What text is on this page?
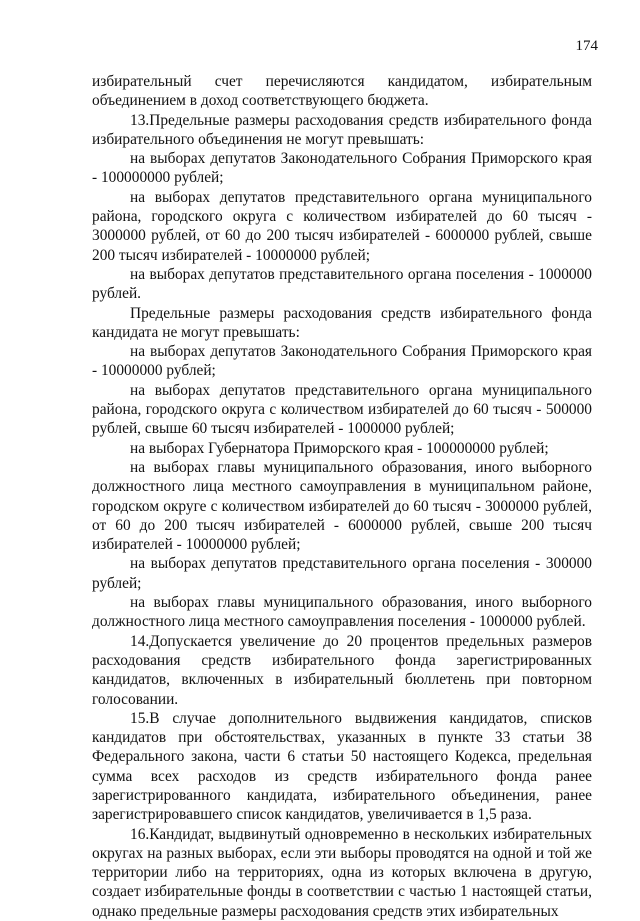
174

избирательный счет перечисляются кандидатом, избирательным объединением в доход соответствующего бюджета.

13.Предельные размеры расходования средств избирательного фонда избирательного объединения не могут превышать:

на выборах депутатов Законодательного Собрания Приморского края - 100000000 рублей;

на выборах депутатов представительного органа муниципального района, городского округа с количеством избирателей до 60 тысяч - 3000000 рублей, от 60 до 200 тысяч избирателей - 6000000 рублей, свыше 200 тысяч избирателей - 10000000 рублей;

на выборах депутатов представительного органа поселения - 1000000 рублей.

Предельные размеры расходования средств избирательного фонда кандидата не могут превышать:

на выборах депутатов Законодательного Собрания Приморского края - 10000000 рублей;

на выборах депутатов представительного органа муниципального района, городского округа с количеством избирателей до 60 тысяч - 500000 рублей, свыше 60 тысяч избирателей - 1000000 рублей;

на выборах Губернатора Приморского края - 100000000 рублей;

на выборах главы муниципального образования, иного выборного должностного лица местного самоуправления в муниципальном районе, городском округе с количеством избирателей до 60 тысяч - 3000000 рублей, от 60 до 200 тысяч избирателей - 6000000 рублей, свыше 200 тысяч избирателей - 10000000 рублей;

на выборах депутатов представительного органа поселения - 300000 рублей;

на выборах главы муниципального образования, иного выборного должностного лица местного самоуправления поселения - 1000000 рублей.

14.Допускается увеличение до 20 процентов предельных размеров расходования средств избирательного фонда зарегистрированных кандидатов, включенных в избирательный бюллетень при повторном голосовании.

15.В случае дополнительного выдвижения кандидатов, списков кандидатов при обстоятельствах, указанных в пункте 33 статьи 38 Федерального закона, части 6 статьи 50 настоящего Кодекса, предельная сумма всех расходов из средств избирательного фонда ранее зарегистрированного кандидата, избирательного объединения, ранее зарегистрировавшего список кандидатов, увеличивается в 1,5 раза.

16.Кандидат, выдвинутый одновременно в нескольких избирательных округах на разных выборах, если эти выборы проводятся на одной и той же территории либо на территориях, одна из которых включена в другую, создает избирательные фонды в соответствии с частью 1 настоящей статьи, однако предельные размеры расходования средств этих избирательных
